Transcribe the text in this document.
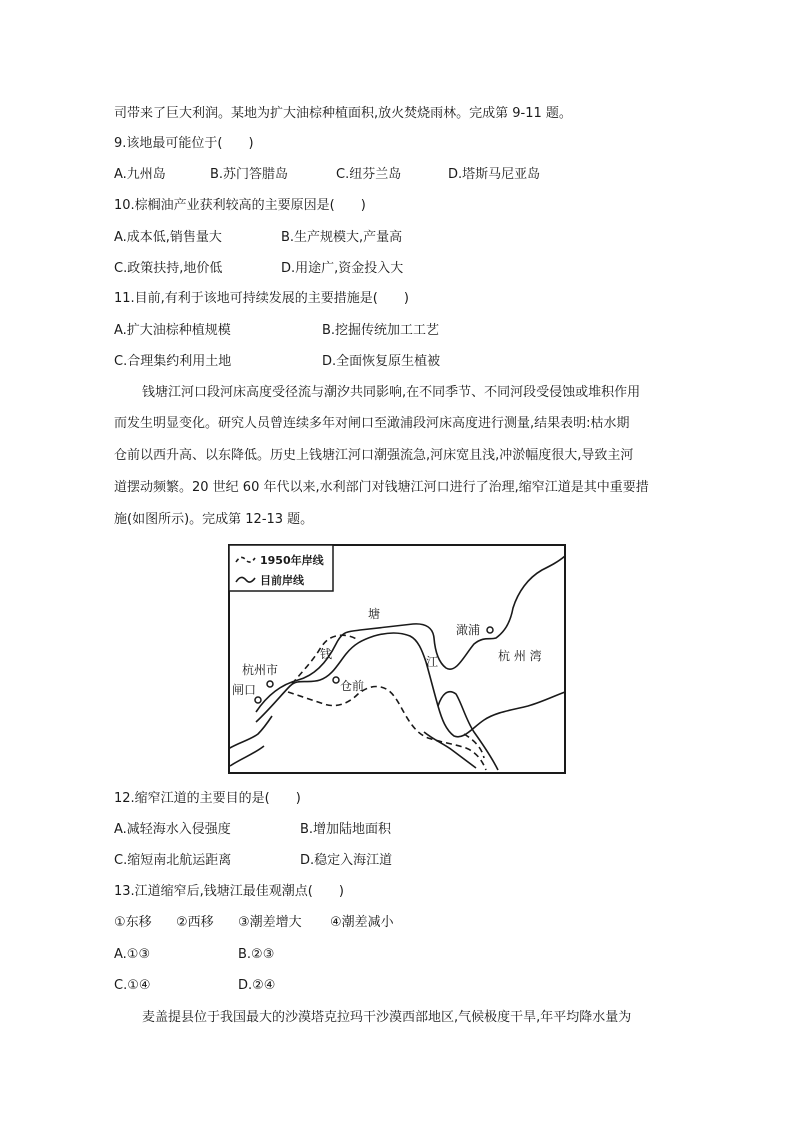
司带来了巨大利润。某地为扩大油棕种植面积,放火焚烧雨林。完成第 9-11 题。
9.该地最可能位于(　　)
A.九州岛	B.苏门答腊岛	C.纽芬兰岛	D.塔斯马尼亚岛
10.棕榈油产业获利较高的主要原因是(　　)
A.成本低,销售量大	B.生产规模大,产量高
C.政策扶持,地价低	D.用途广,资金投入大
11.目前,有利于该地可持续发展的主要措施是(　　)
A.扩大油棕种植规模	B.挖掘传统加工工艺
C.合理集约利用土地	D.全面恢复原生植被
钱塘江河口段河床高度受径流与潮汐共同影响,在不同季节、不同河段受侵蚀或堆积作用
而发生明显变化。研究人员曾连续多年对闸口至澉浦段河床高度进行测量,结果表明:枯水期
仓前以西升高、以东降低。历史上钱塘江河口潮强流急,河床宽且浅,冲淤幅度很大,导致主河
道摆动频繁。20 世纪 60 年代以来,水利部门对钱塘江河口进行了治理,缩窄江道是其中重要措
施(如图所示)。完成第 12-13 题。
1950年岸线
目前岸线
杭州市
闸口	仓前
澉浦
钱
塘
江	杭 州 湾
12.缩窄江道的主要目的是(　　)
A.减轻海水入侵强度	B.增加陆地面积
C.缩短南北航运距离	D.稳定入海江道
13.江道缩窄后,钱塘江最佳观潮点(　　)
①东移 ②西移 ③潮差增大 ④潮差减小
A.①③	B.②③
C.①④	D.②④
麦盖提县位于我国最大的沙漠塔克拉玛干沙漠西部地区,气候极度干旱,年平均降水量为
